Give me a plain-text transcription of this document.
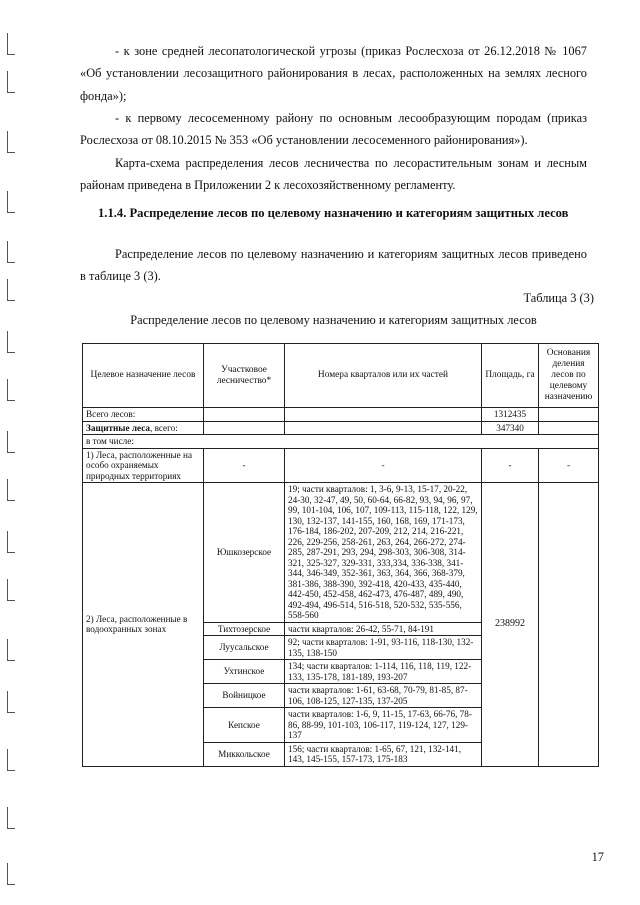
- к зоне средней лесопатологической угрозы (приказ Рослесхоза от 26.12.2018 № 1067 «Об установлении лесозащитного районирования в лесах, расположенных на землях лесного фонда»);

- к первому лесосеменному району по основным лесообразующим породам (приказ Рослесхоза от 08.10.2015 № 353 «Об установлении лесосеменного районирования»).

Карта-схема распределения лесов лесничества по лесорастительным зонам и лесным районам приведена в Приложении 2 к лесохозяйственному регламенту.

1.1.4. Распределение лесов по целевому назначению и категориям защитных лесов

Распределение лесов по целевому назначению и категориям защитных лесов приведено в таблице 3 (3).

Таблица 3 (3)
Распределение лесов по целевому назначению и категориям защитных лесов
Целевое назначение лесов	Участковое лесничество*	Номера кварталов или их частей	Площадь, га	Основания деления лесов по целевому назначению
Всего лесов:			1312435	
Защитные леса, всего:			347340	
в том числе:				
1) Леса, расположенные на особо охраняемых природных территориях	-	-	-	-
2) Леса, расположенные в водоохранных зонах	Юшкозерское	19; части кварталов: 1, 3-6, 9-13, 15-17, 20-22, 24-30, 32-47, 49, 50, 60-64, 66-82, 93, 94, 96, 97, 99, 101-104, 106, 107, 109-113, 115-118, 122, 129, 130, 132-137, 141-155, 160, 168, 169, 171-173, 176-184, 186-202, 207-209, 212, 214, 216-221, 226, 229-256, 258-261, 263, 264, 266-272, 274-285, 287-291, 293, 294, 298-303, 306-308, 314-321, 325-327, 329-331, 333,334, 336-338, 341-344, 346-349, 352-361, 363, 364, 366, 368-379, 381-386, 388-390, 392-418, 420-433, 435-440, 442-450, 452-458, 462-473, 476-487, 489, 490, 492-494, 496-514, 516-518, 520-532, 535-556, 558-560	238992	
	Тихтозерское	части кварталов: 26-42, 55-71, 84-191		
	Луусальское	92; части кварталов: 1-91, 93-116, 118-130, 132-135, 138-150		
	Ухтинское	134; части кварталов: 1-114, 116, 118, 119, 122-133, 135-178, 181-189, 193-207		
	Войницкое	части кварталов: 1-61, 63-68, 70-79, 81-85, 87-106, 108-125, 127-135, 137-205		
	Кепское	части кварталов: 1-6, 9, 11-15, 17-63, 66-76, 78-86, 88-99, 101-103, 106-117, 119-124, 127, 129-137		
	Миккольское	156; части кварталов: 1-65, 67, 121, 132-141, 143, 145-155, 157-173, 175-183		
17
